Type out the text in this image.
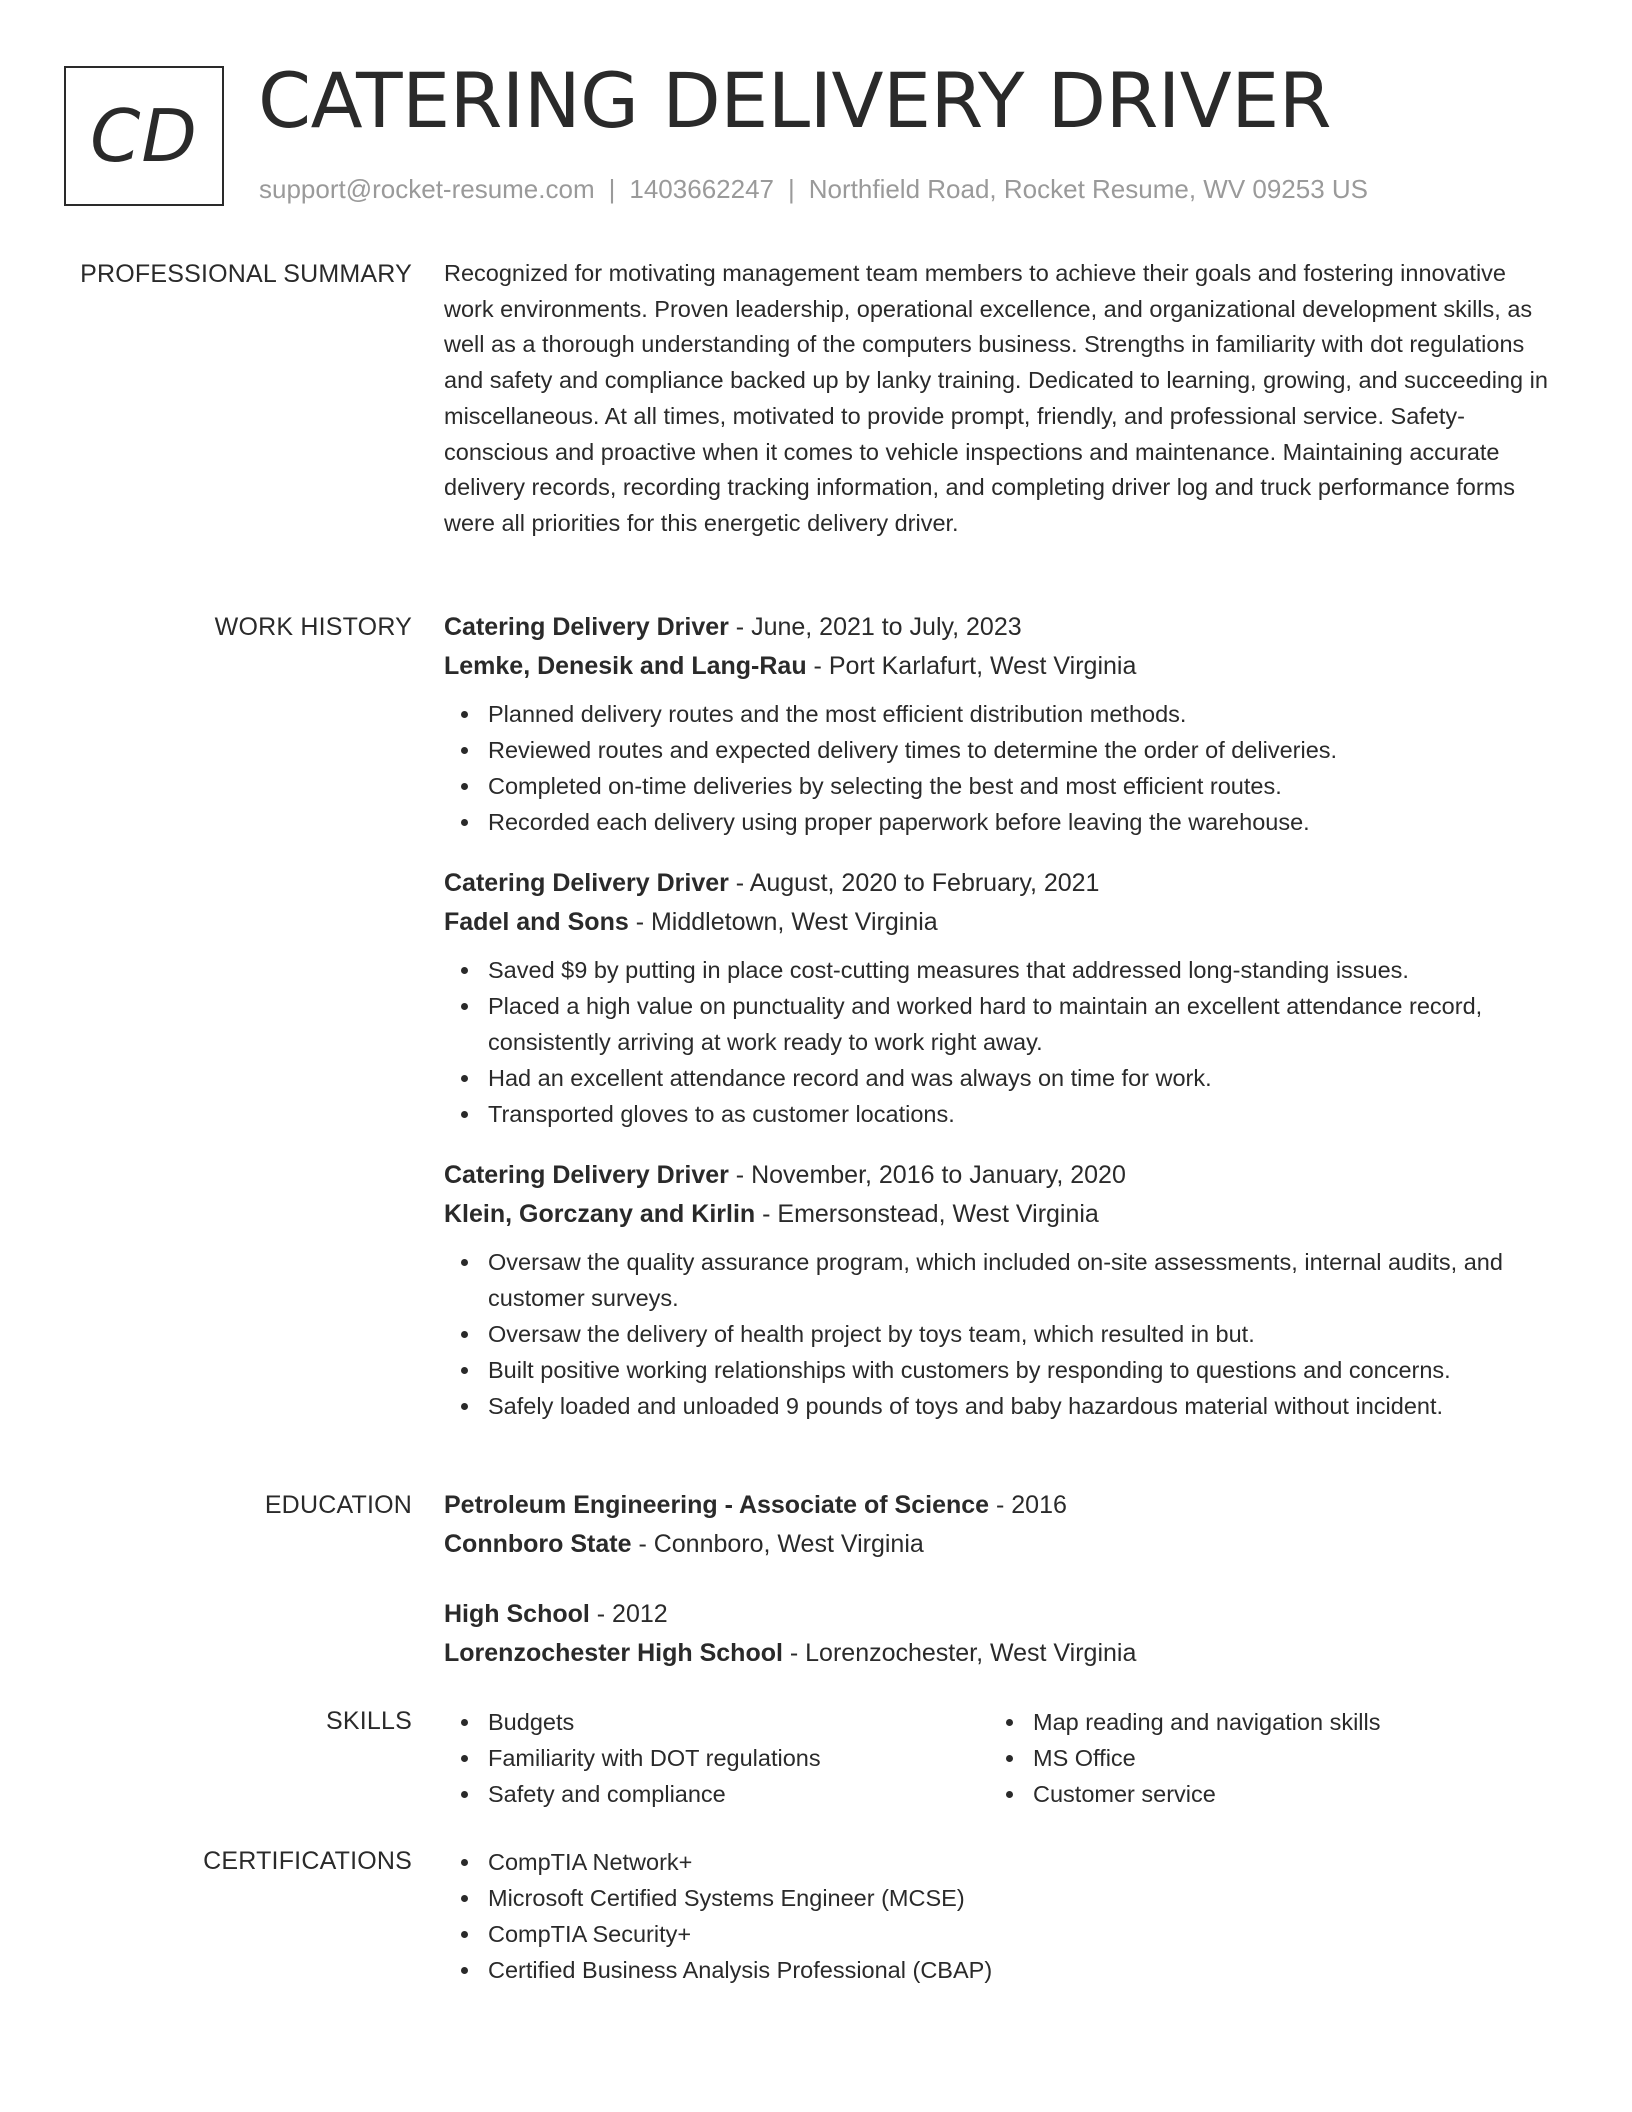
CD CATERING DELIVERY DRIVER
support@rocket-resume.com | 1403662247 | Northfield Road, Rocket Resume, WV 09253 US
PROFESSIONAL SUMMARY Recognized for motivating management team members to achieve their goals and fostering innovative work environments. Proven leadership, operational excellence, and organizational development skills, as well as a thorough understanding of the computers business. Strengths in familiarity with dot regulations and safety and compliance backed up by lanky training. Dedicated to learning, growing, and succeeding in miscellaneous. At all times, motivated to provide prompt, friendly, and professional service. Safety-conscious and proactive when it comes to vehicle inspections and maintenance. Maintaining accurate delivery records, recording tracking information, and completing driver log and truck performance forms were all priorities for this energetic delivery driver.

WORK HISTORY Catering Delivery Driver - June, 2021 to July, 2023
Lemke, Denesik and Lang-Rau - Port Karlafurt, West Virginia
Planned delivery routes and the most efficient distribution methods.
Reviewed routes and expected delivery times to determine the order of deliveries.
Completed on-time deliveries by selecting the best and most efficient routes.
Recorded each delivery using proper paperwork before leaving the warehouse.
Catering Delivery Driver - August, 2020 to February, 2021
Fadel and Sons - Middletown, West Virginia
Saved $9 by putting in place cost-cutting measures that addressed long-standing issues.
Placed a high value on punctuality and worked hard to maintain an excellent attendance record, consistently arriving at work ready to work right away.
Had an excellent attendance record and was always on time for work.
Transported gloves to as customer locations.
Catering Delivery Driver - November, 2016 to January, 2020
Klein, Gorczany and Kirlin - Emersonstead, West Virginia
Oversaw the quality assurance program, which included on-site assessments, internal audits, and customer surveys.
Oversaw the delivery of health project by toys team, which resulted in but.
Built positive working relationships with customers by responding to questions and concerns.
Safely loaded and unloaded 9 pounds of toys and baby hazardous material without incident.
EDUCATION Petroleum Engineering - Associate of Science - 2016
Connboro State - Connboro, West Virginia
High School - 2012
Lorenzochester High School - Lorenzochester, West Virginia
SKILLS	Budgets
Familiarity with DOT regulations
Safety and compliance
Map reading and navigation skills
MS Office
Customer service
CERTIFICATIONS	CompTIA Network+
Microsoft Certified Systems Engineer (MCSE)
CompTIA Security+
Certified Business Analysis Professional (CBAP)
